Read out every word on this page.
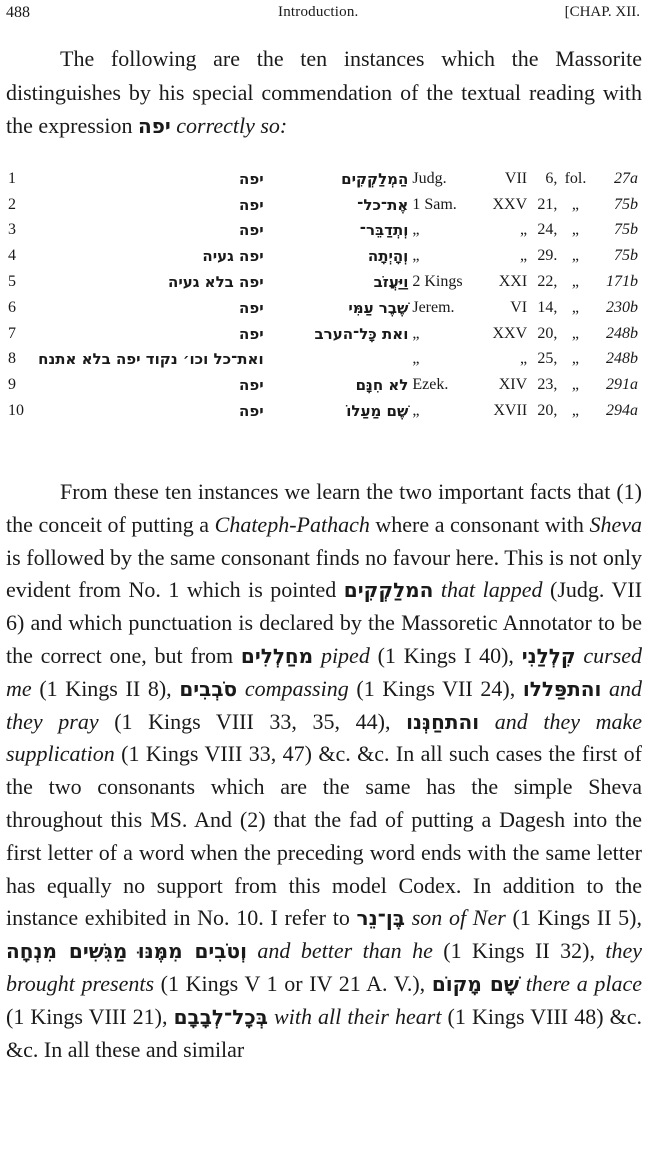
488	Introduction.	[CHAP. XII.

The following are the ten instances which the Massorite distinguishes by his special commendation of the textual reading with the expression יפה correctly so:

1	יפה	הַמְלַקְקִים	Judg.	VII	6,	fol.	27a
2	יפה	אֶת־כל־	1 Sam.	XXV	21,	„	75b
3	יפה	וְתְדַבֵּר־	„	„	24,	„	75b
4	יפה געיה	וְהָיְתָה	„	„	29.	„	75b
5	יפה בלא געיה	וַיַּעֲזֹב	2 Kings	XXI	22,	„	171b
6	יפה	שֶׁבֶר עַמִּי	Jerem.	VI	14,	„	230b
7	יפה	ואת כָּל־הערב	„	XXV	20,	„	248b
8	ואת־כל וכו׳ נקוד יפה בלא אתנח		„	„	25,	„	248b
9	יפה	לא חִנָּם	Ezek.	XIV	23,	„	291a
10	יפה	שֶׁם מַעַלוֹ	„	XVII	20,	„	294a

From these ten instances we learn the two important facts that (1) the conceit of putting a Chateph-Pathach where a consonant with Sheva is followed by the same consonant finds no favour here. This is not only evident from No. 1 which is pointed המלַקְקִים that lapped (Judg. VII 6) and which punctuation is declared by the Massoretic Annotator to be the correct one, but from מחַלְלִים piped (1 Kings I 40), קִלְלַנִי cursed me (1 Kings II 8), סֹבְבִים compassing (1 Kings VII 24), והתפַּללו and they pray (1 Kings VIII 33, 35, 44), והתחַנְּנו and they make supplication (1 Kings VIII 33, 47) &c. &c. In all such cases the first of the two consonants which are the same has the simple Sheva throughout this MS. And (2) that the fad of putting a Dagesh into the first letter of a word when the preceding word ends with the same letter has equally no support from this model Codex. In addition to the instance exhibited in No. 10. I refer to בֶּן־נֵר son of Ner (1 Kings II 5), מַגִּשִׁים מִנְחָה וְטֹבִים מִמֶּנּוּ and better than he (1 Kings II 32), they brought presents (1 Kings V 1 or IV 21 A. V.), שָׁם מָקוֹם there a place (1 Kings VIII 21), בְּכָל־לְבָבָם with all their heart (1 Kings VIII 48) &c. &c. In all these and similar
